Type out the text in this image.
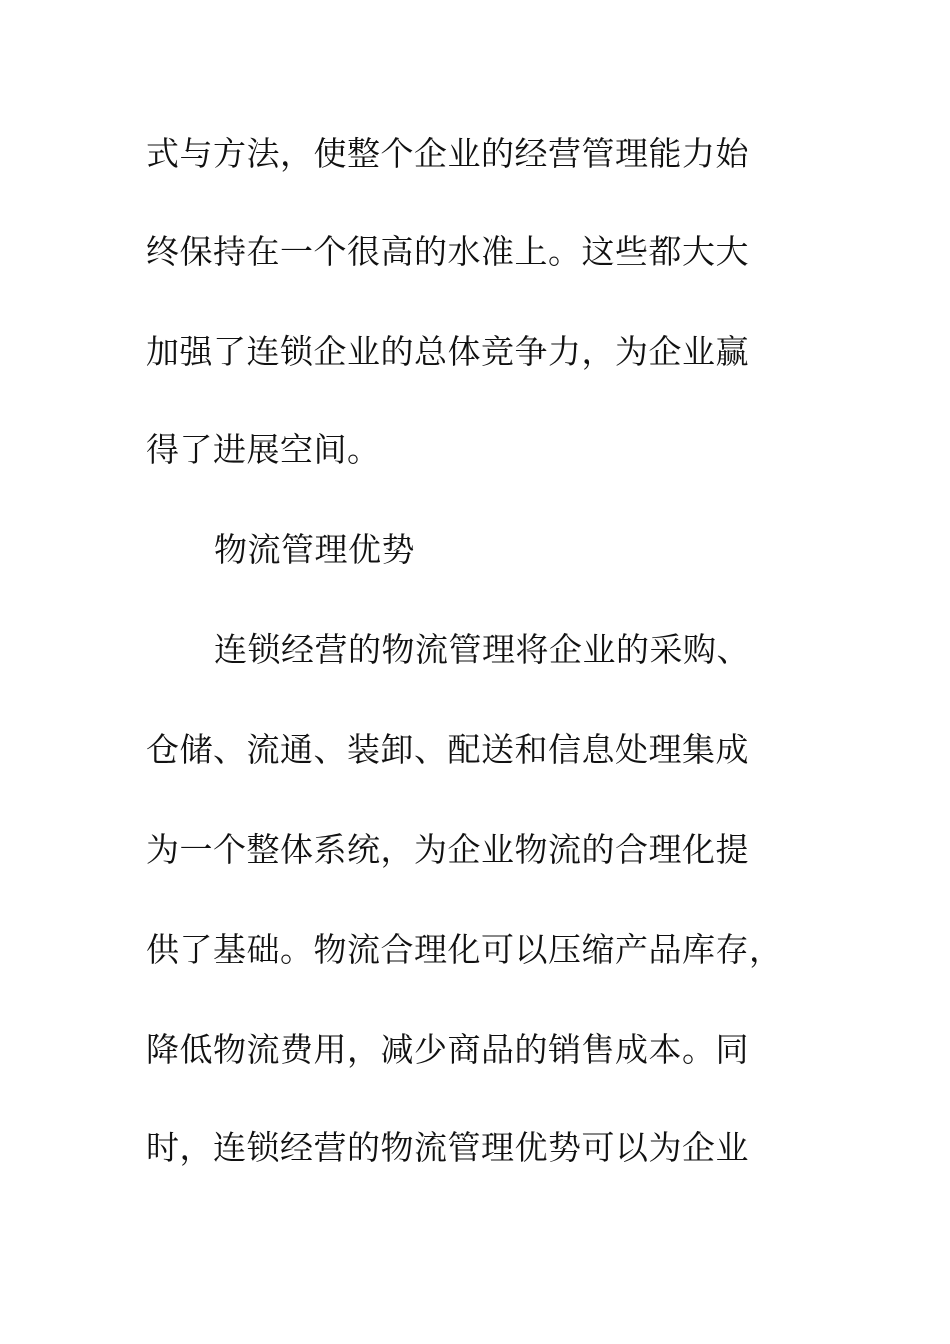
式与方法，使整个企业的经营管理能力始
终保持在一个很高的水准上。这些都大大
加强了连锁企业的总体竞争力，为企业赢
得了进展空间。
物流管理优势
连锁经营的物流管理将企业的采购、
仓储、流通、装卸、配送和信息处理集成
为一个整体系统，为企业物流的合理化提
供了基础。物流合理化可以压缩产品库存，
降低物流费用，减少商品的销售成本。同
时，连锁经营的物流管理优势可以为企业
